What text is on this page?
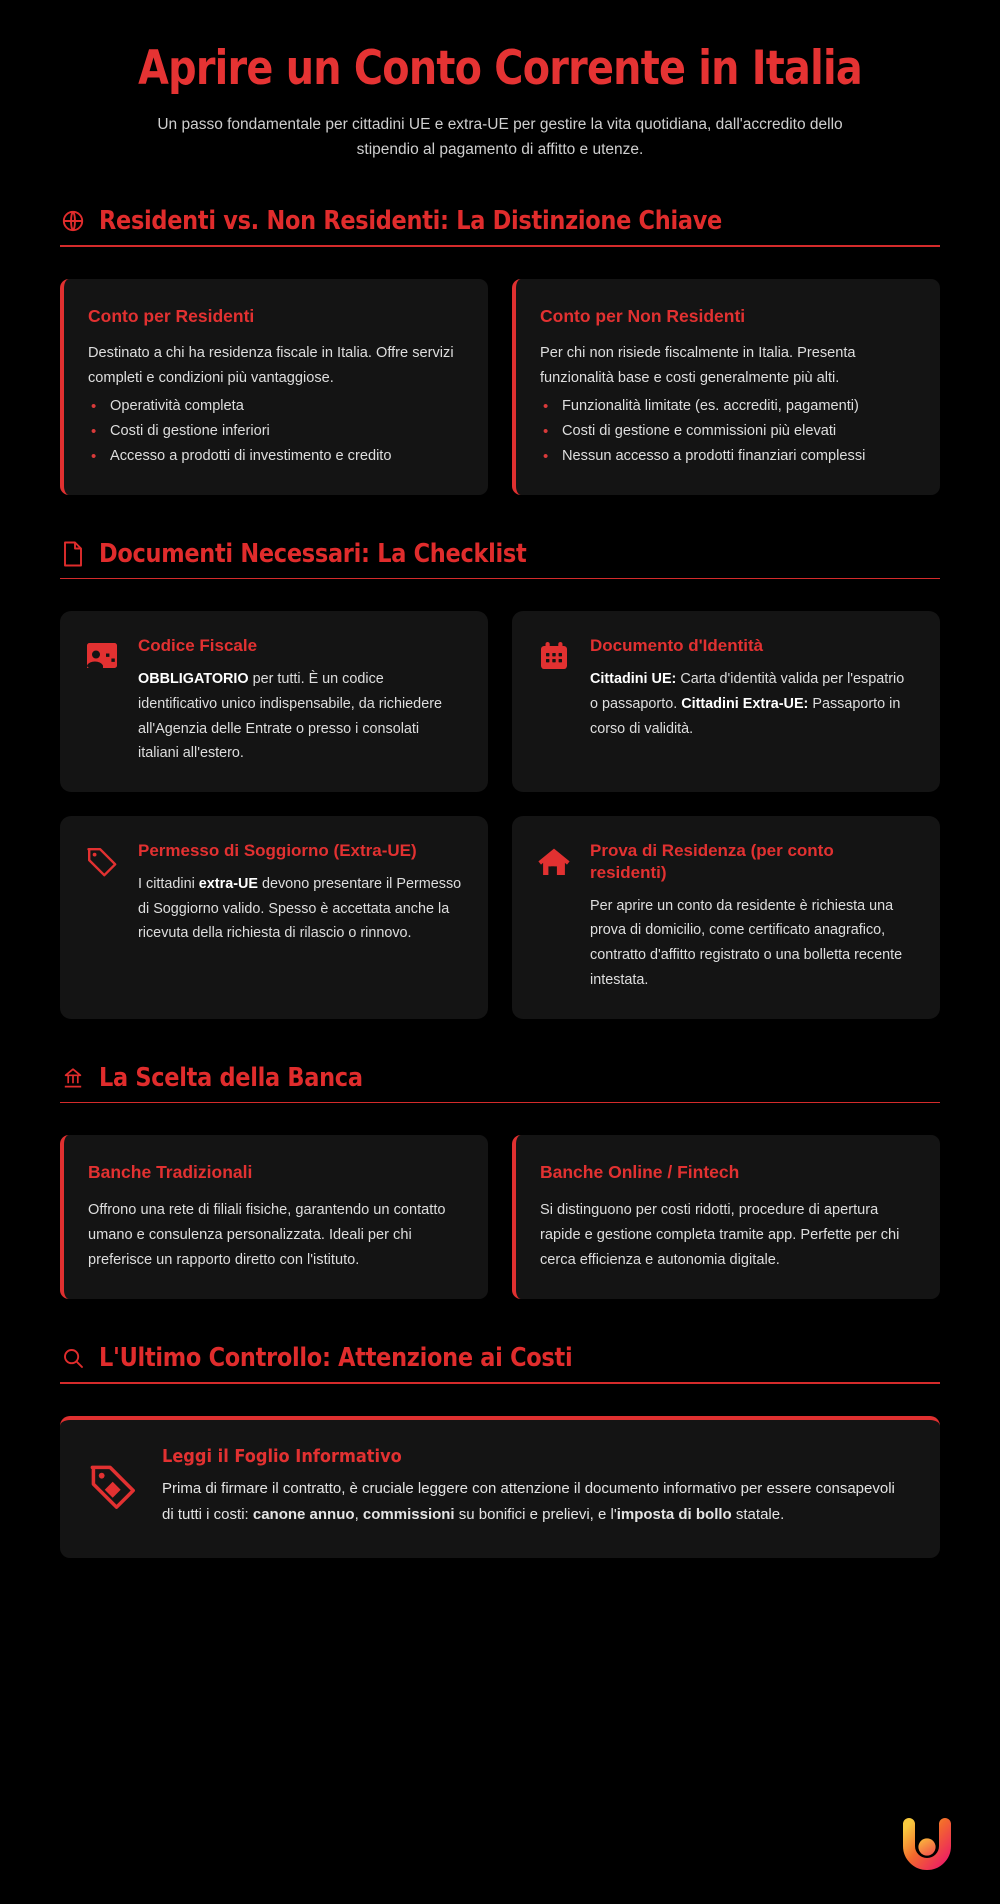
Aprire un Conto Corrente in Italia

Un passo fondamentale per cittadini UE e extra-UE per gestire la vita quotidiana, dall'accredito dello stipendio al pagamento di affitto e utenze.

Residenti vs. Non Residenti: La Distinzione Chiave
Conto per Residenti
Destinato a chi ha residenza fiscale in Italia. Offre servizi completi e condizioni più vantaggiose.
• Operatività completa
• Costi di gestione inferiori
• Accesso a prodotti di investimento e credito
Conto per Non Residenti
Per chi non risiede fiscalmente in Italia. Presenta funzionalità base e costi generalmente più alti.
• Funzionalità limitate (es. accrediti, pagamenti)
• Costi di gestione e commissioni più elevati
• Nessun accesso a prodotti finanziari complessi
Documenti Necessari: La Checklist
Codice Fiscale
OBBLIGATORIO per tutti. È un codice identificativo unico indispensabile, da richiedere all'Agenzia delle Entrate o presso i consolati italiani all'estero.
Documento d'Identità
Cittadini UE: Carta d'identità valida per l'espatrio o passaporto. Cittadini Extra-UE: Passaporto in corso di validità.
Permesso di Soggiorno (Extra-UE)
I cittadini extra-UE devono presentare il Permesso di Soggiorno valido. Spesso è accettata anche la ricevuta della richiesta di rilascio o rinnovo.
Prova di Residenza (per conto residenti)
Per aprire un conto da residente è richiesta una prova di domicilio, come certificato anagrafico, contratto d'affitto registrato o una bolletta recente intestata.
La Scelta della Banca
Banche Tradizionali
Offrono una rete di filiali fisiche, garantendo un contatto umano e consulenza personalizzata. Ideali per chi preferisce un rapporto diretto con l'istituto.
Banche Online / Fintech
Si distinguono per costi ridotti, procedure di apertura rapide e gestione completa tramite app. Perfette per chi cerca efficienza e autonomia digitale.
L'Ultimo Controllo: Attenzione ai Costi
Leggi il Foglio Informativo
Prima di firmare il contratto, è cruciale leggere con attenzione il documento informativo per essere consapevoli di tutti i costi: canone annuo, commissioni su bonifici e prelievi, e l'imposta di bollo statale.
